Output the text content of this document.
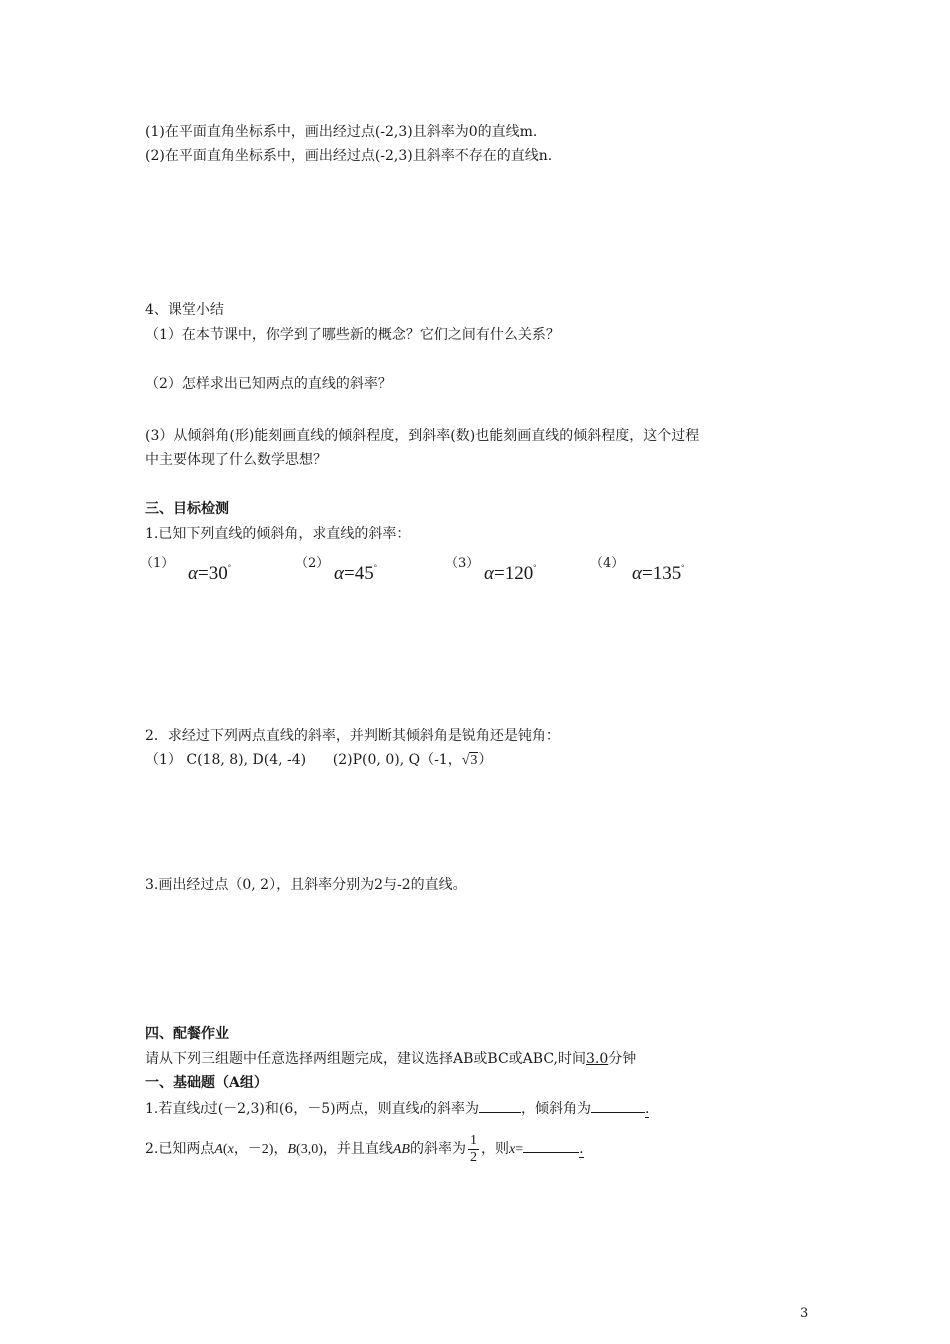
(1)在平面直角坐标系中，画出经过点(-2,3)且斜率为0的直线m.
(2)在平面直角坐标系中，画出经过点(-2,3)且斜率不存在的直线n.
4、课堂小结
（1）在本节课中，你学到了哪些新的概念？它们之间有什么关系？
（2）怎样求出已知两点的直线的斜率？
(3）从倾斜角(形)能刻画直线的倾斜程度，到斜率(数)也能刻画直线的倾斜程度，这个过程
中主要体现了什么数学思想？
三、目标检测
1.已知下列直线的倾斜角，求直线的斜率：
（1） α=30°	（2） α=45°	（3） α=120°	（4） α=135°
2．求经过下列两点直线的斜率，并判断其倾斜角是锐角还是钝角：
（1） C(18, 8), D(4, -4)      (2)P(0, 0), Q（-1，√3）
3.画出经过点（0, 2），且斜率分别为2与-2的直线。
四、配餐作业
请从下列三组题中任意选择两组题完成，建议选择AB或BC或ABC,时间3.0分钟
一、基础题（A组）
1.若直线l过(－2,3)和(6，－5)两点，则直线l的斜率为	，倾斜角为	.
2.已知两点A(x，－2)，B(3,0)，并且直线AB的斜率为 $\frac{1}{2}$ ，则x=	.
3
